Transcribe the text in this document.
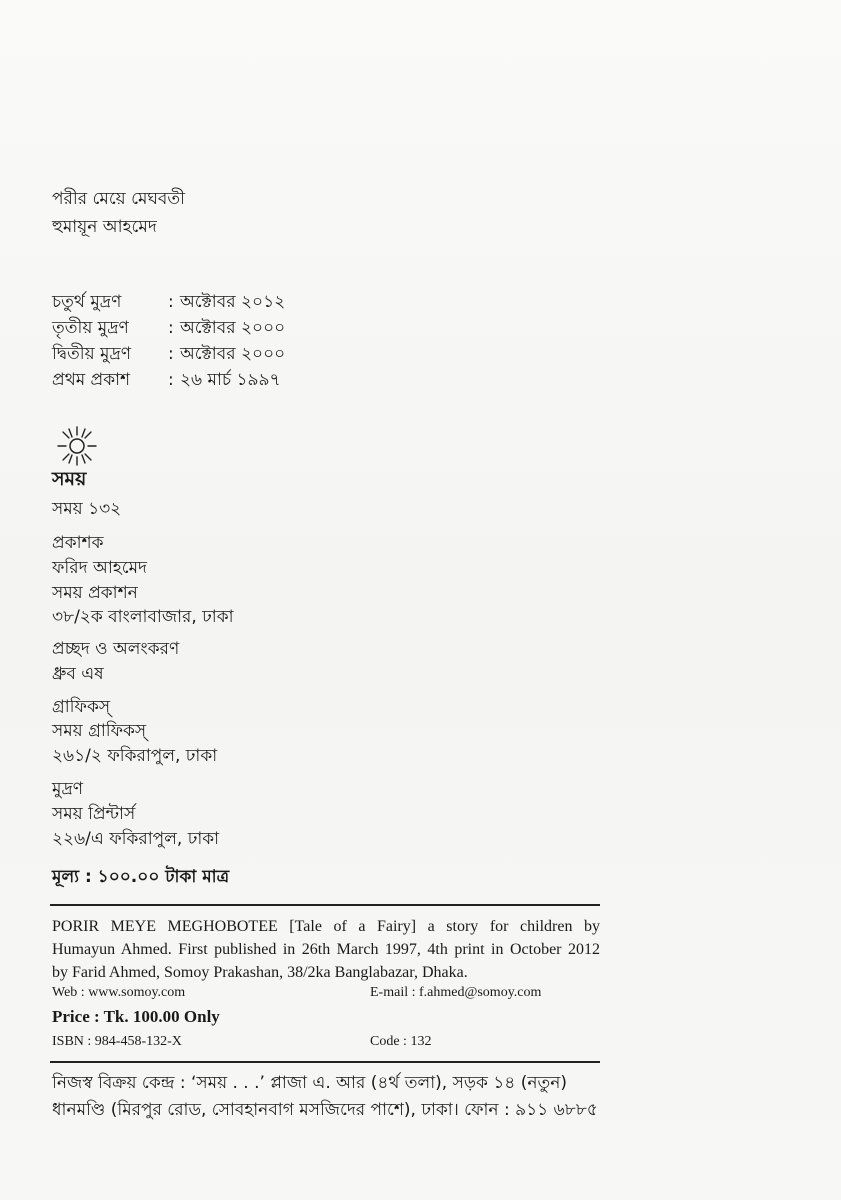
পরীর মেয়ে মেঘবতী
হুমায়ূন আহমেদ
চতুর্থ মুদ্রণ	: অক্টোবর ২০১২
তৃতীয় মুদ্রণ	: অক্টোবর ২০০০
দ্বিতীয় মুদ্রণ	: অক্টোবর ২০০০
প্রথম প্রকাশ	: ২৬ মার্চ ১৯৯৭
সময়
সময় ১৩২
প্রকাশক
ফরিদ আহমেদ
সময় প্রকাশন
৩৮/২ক বাংলাবাজার, ঢাকা
প্রচ্ছদ ও অলংকরণ
ধ্রুব এষ
গ্রাফিকস্
সময় গ্রাফিকস্
২৬১/২ ফকিরাপুল, ঢাকা
মুদ্রণ
সময় প্রিন্টার্স
২২৬/এ ফকিরাপুল, ঢাকা
মূল্য : ১০০.০০ টাকা মাত্র
PORIR MEYE MEGHOBOTEE [Tale of a Fairy] a story for children by
Humayun Ahmed. First published in 26th March 1997, 4th print in October 2012
by Farid Ahmed, Somoy Prakashan, 38/2ka Banglabazar, Dhaka.
Web : www.somoy.com	E-mail : f.ahmed@somoy.com
Price : Tk. 100.00 Only
ISBN : 984-458-132-X	Code : 132
নিজস্ব বিক্রয় কেন্দ্র : ‘সময় . . .’ প্লাজা এ. আর (৪র্থ তলা), সড়ক ১৪ (নতুন)
ধানমণ্ডি (মিরপুর রোড, সোবহানবাগ মসজিদের পাশে), ঢাকা। ফোন : ৯১১ ৬৮৮৫
